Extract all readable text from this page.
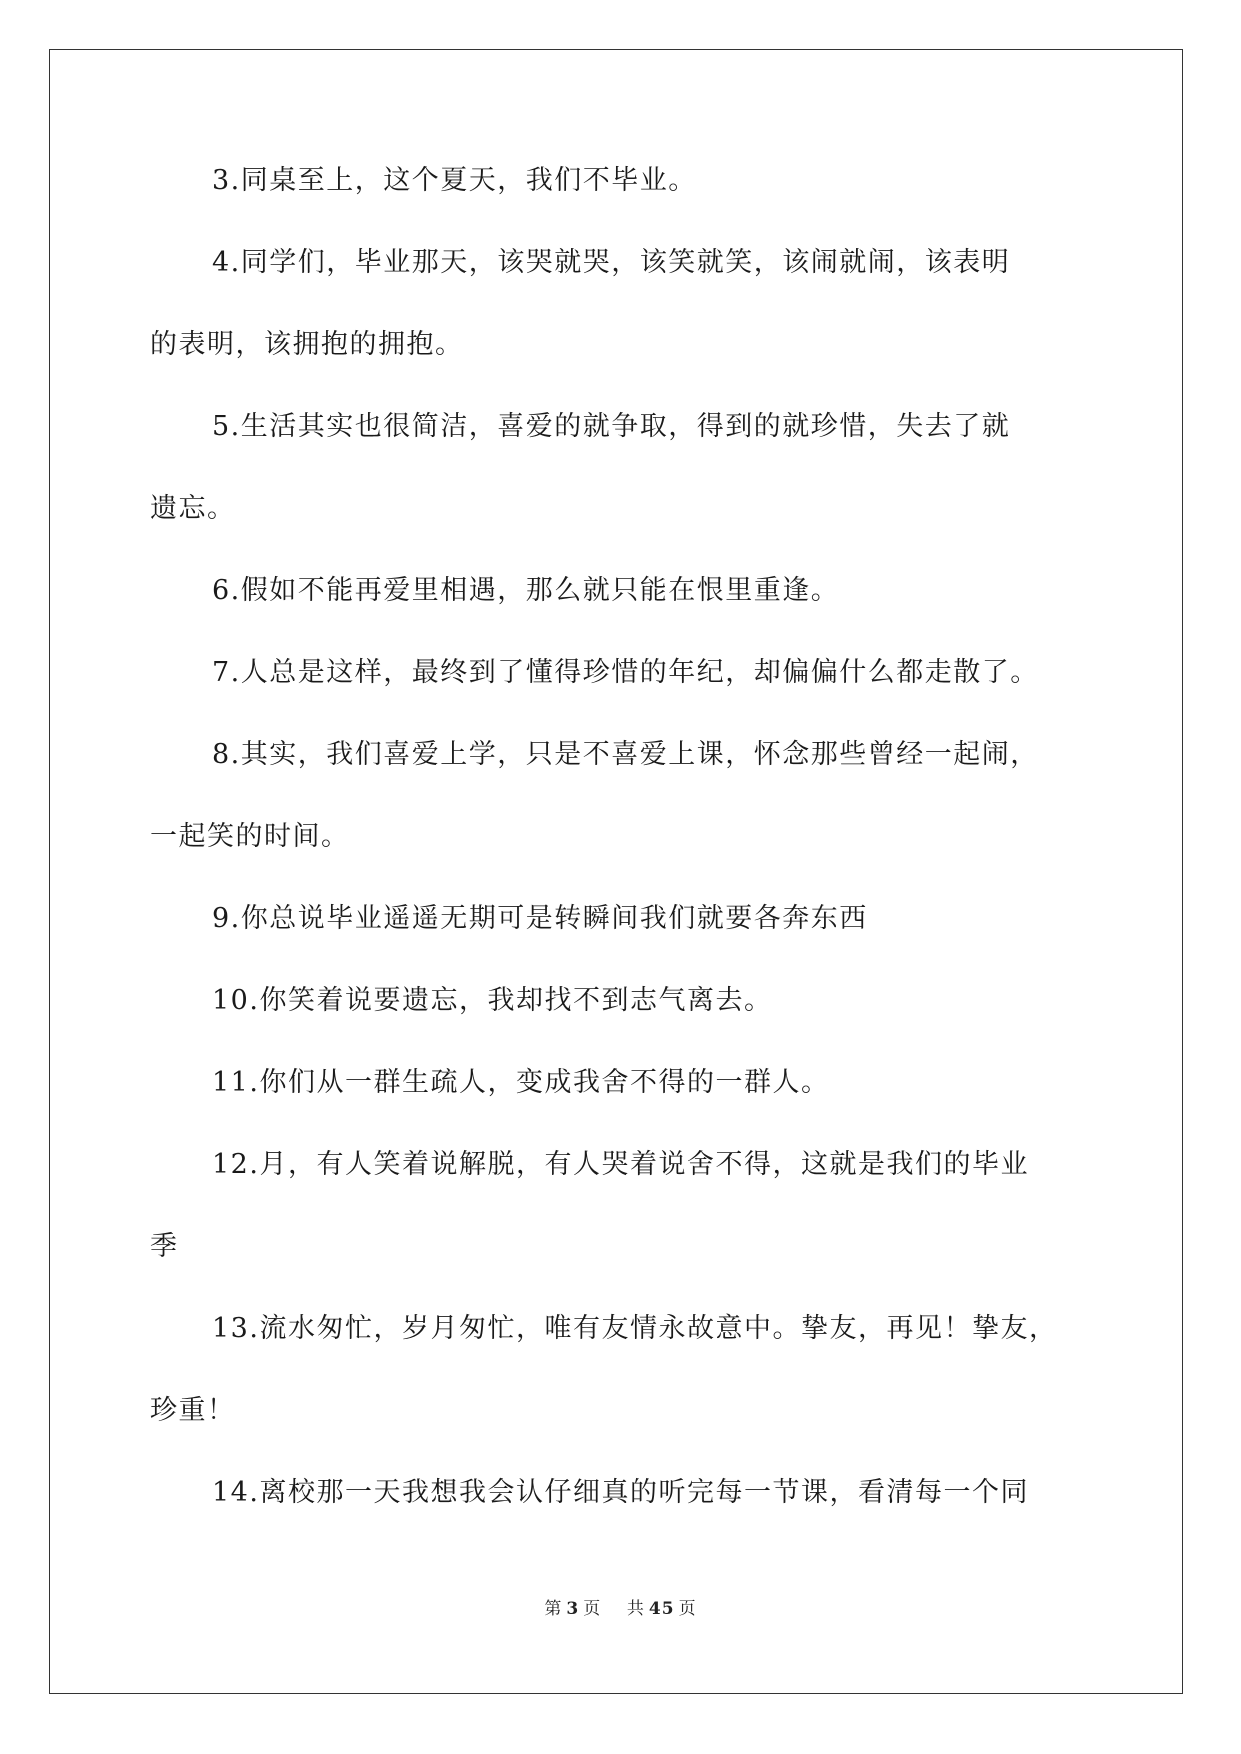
3.同桌至上，这个夏天，我们不毕业。

4.同学们，毕业那天，该哭就哭，该笑就笑，该闹就闹，该表明
的表明，该拥抱的拥抱。

5.生活其实也很简洁，喜爱的就争取，得到的就珍惜，失去了就
遗忘。

6.假如不能再爱里相遇，那么就只能在恨里重逢。

7.人总是这样，最终到了懂得珍惜的年纪，却偏偏什么都走散了。

8.其实，我们喜爱上学，只是不喜爱上课，怀念那些曾经一起闹，
一起笑的时间。

9.你总说毕业遥遥无期可是转瞬间我们就要各奔东西

10.你笑着说要遗忘，我却找不到志气离去。

11.你们从一群生疏人，变成我舍不得的一群人。

12.月，有人笑着说解脱，有人哭着说舍不得，这就是我们的毕业
季

13.流水匆忙，岁月匆忙，唯有友情永故意中。挚友，再见！挚友，
珍重！

14.离校那一天我想我会认仔细真的听完每一节课，看清每一个同

第 3 页 共 45 页
